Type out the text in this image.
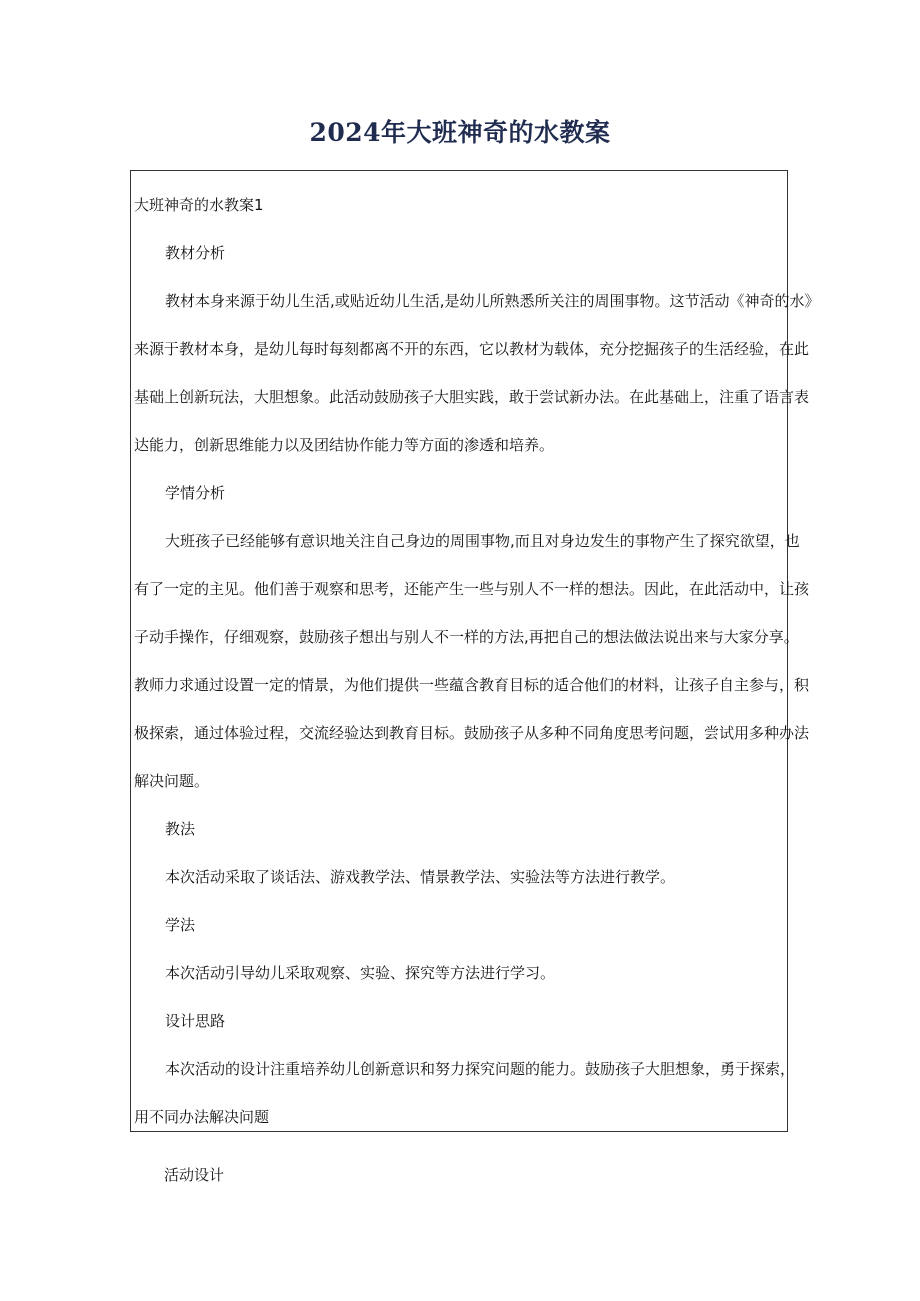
2024年大班神奇的水教案
大班神奇的水教案1
教材分析
教材本身来源于幼儿生活,或贴近幼儿生活,是幼儿所熟悉所关注的周围事物。这节活动《神奇的水》
来源于教材本身，是幼儿每时每刻都离不开的东西，它以教材为载体，充分挖掘孩子的生活经验，在此
基础上创新玩法，大胆想象。此活动鼓励孩子大胆实践，敢于尝试新办法。在此基础上，注重了语言表
达能力，创新思维能力以及团结协作能力等方面的渗透和培养。
学情分析
大班孩子已经能够有意识地关注自己身边的周围事物,而且对身边发生的事物产生了探究欲望，也
有了一定的主见。他们善于观察和思考，还能产生一些与别人不一样的想法。因此，在此活动中，让孩
子动手操作，仔细观察，鼓励孩子想出与别人不一样的方法,再把自己的想法做法说出来与大家分享。
教师力求通过设置一定的情景，为他们提供一些蕴含教育目标的适合他们的材料，让孩子自主参与，积
极探索，通过体验过程，交流经验达到教育目标。鼓励孩子从多种不同角度思考问题，尝试用多种办法
解决问题。
教法
本次活动采取了谈话法、游戏教学法、情景教学法、实验法等方法进行教学。
学法
本次活动引导幼儿采取观察、实验、探究等方法进行学习。
设计思路
本次活动的设计注重培养幼儿创新意识和努力探究问题的能力。鼓励孩子大胆想象，勇于探索，
用不同办法解决问题
活动设计
